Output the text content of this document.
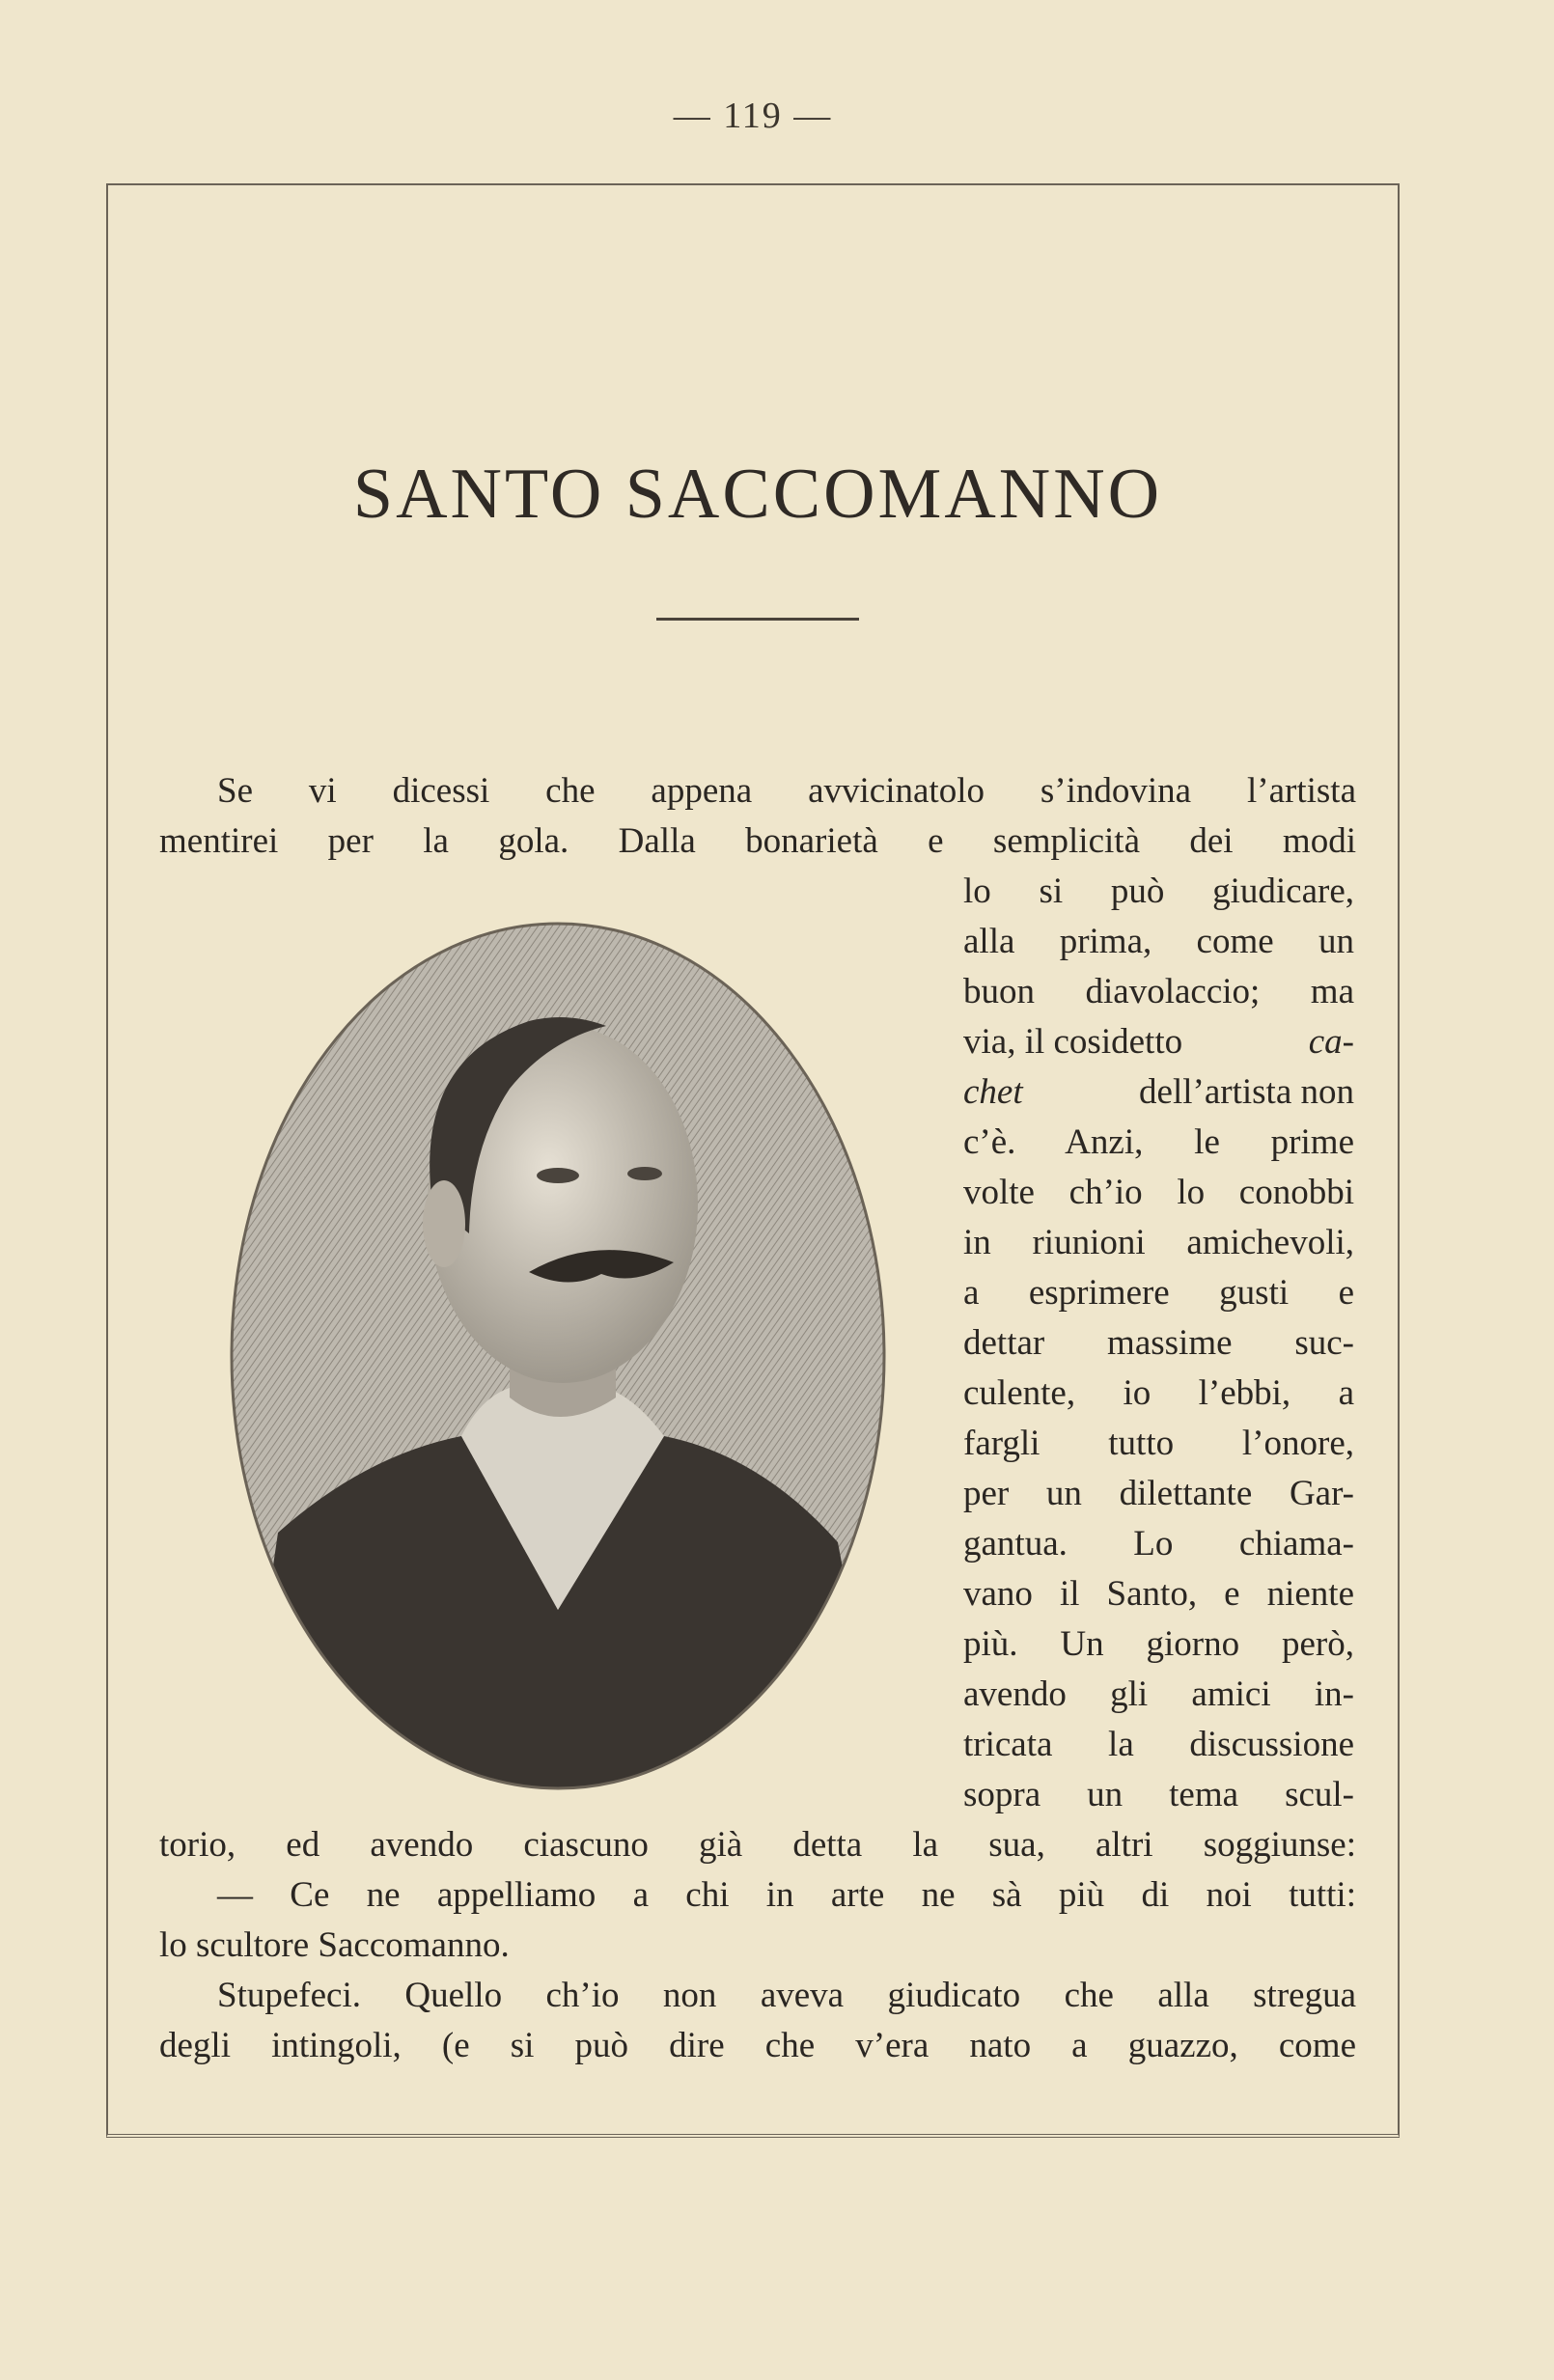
— 119 —
SANTO SACCOMANNO
Se vi dicessi che appena avvicinatolo s’indovina l’artista
mentirei per la gola. Dalla bonarietà e semplicità dei modi
lo si può giudicare,
alla prima, come un
buon diavolaccio; ma
via, il cosidetto	ca-
chet	dell’artista non
c’è. Anzi, le prime
volte ch’io lo conobbi
in riunioni amichevoli,
a esprimere gusti e
dettar massime suc-
culente, io l’ebbi, a
fargli tutto l’onore,
per un dilettante Gar-
gantua. Lo chiama-
vano il Santo, e niente
più. Un giorno però,
avendo gli amici in-
tricata la discussione
sopra un tema scul-
torio, ed avendo ciascuno già detta la sua, altri soggiunse:
— Ce ne appelliamo a chi in arte ne sà più di noi tutti:
lo scultore Saccomanno.
Stupefeci. Quello ch’io non aveva giudicato che alla stregua
degli intingoli, (e si può dire che v’era nato a guazzo, come
